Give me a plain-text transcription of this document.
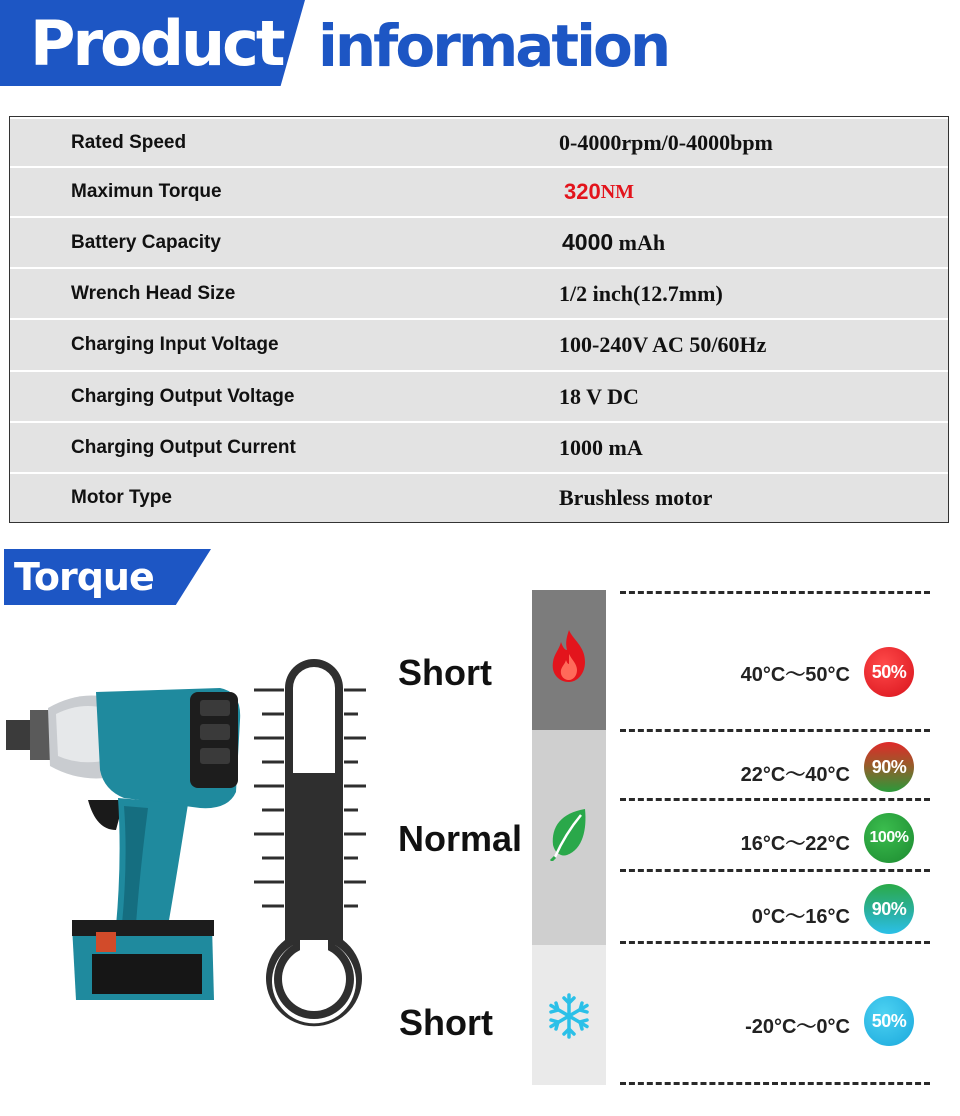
Product information
Rated Speed	0-4000rpm/0-4000bpm
Maximun Torque	320 NM
Battery Capacity	4000 mAh
Wrench Head Size	1/2 inch(12.7mm)
Charging Input Voltage	100-240V AC 50/60Hz
Charging Output Voltage	18 V DC
Charging Output Current	1000 mA
Motor Type	Brushless motor
Torque
Short
Normal
Short
40°C～50°C
22°C～40°C
16°C～22°C
0°C～16°C
-20°C～0°C
50%
90%
100%
90%
50%
